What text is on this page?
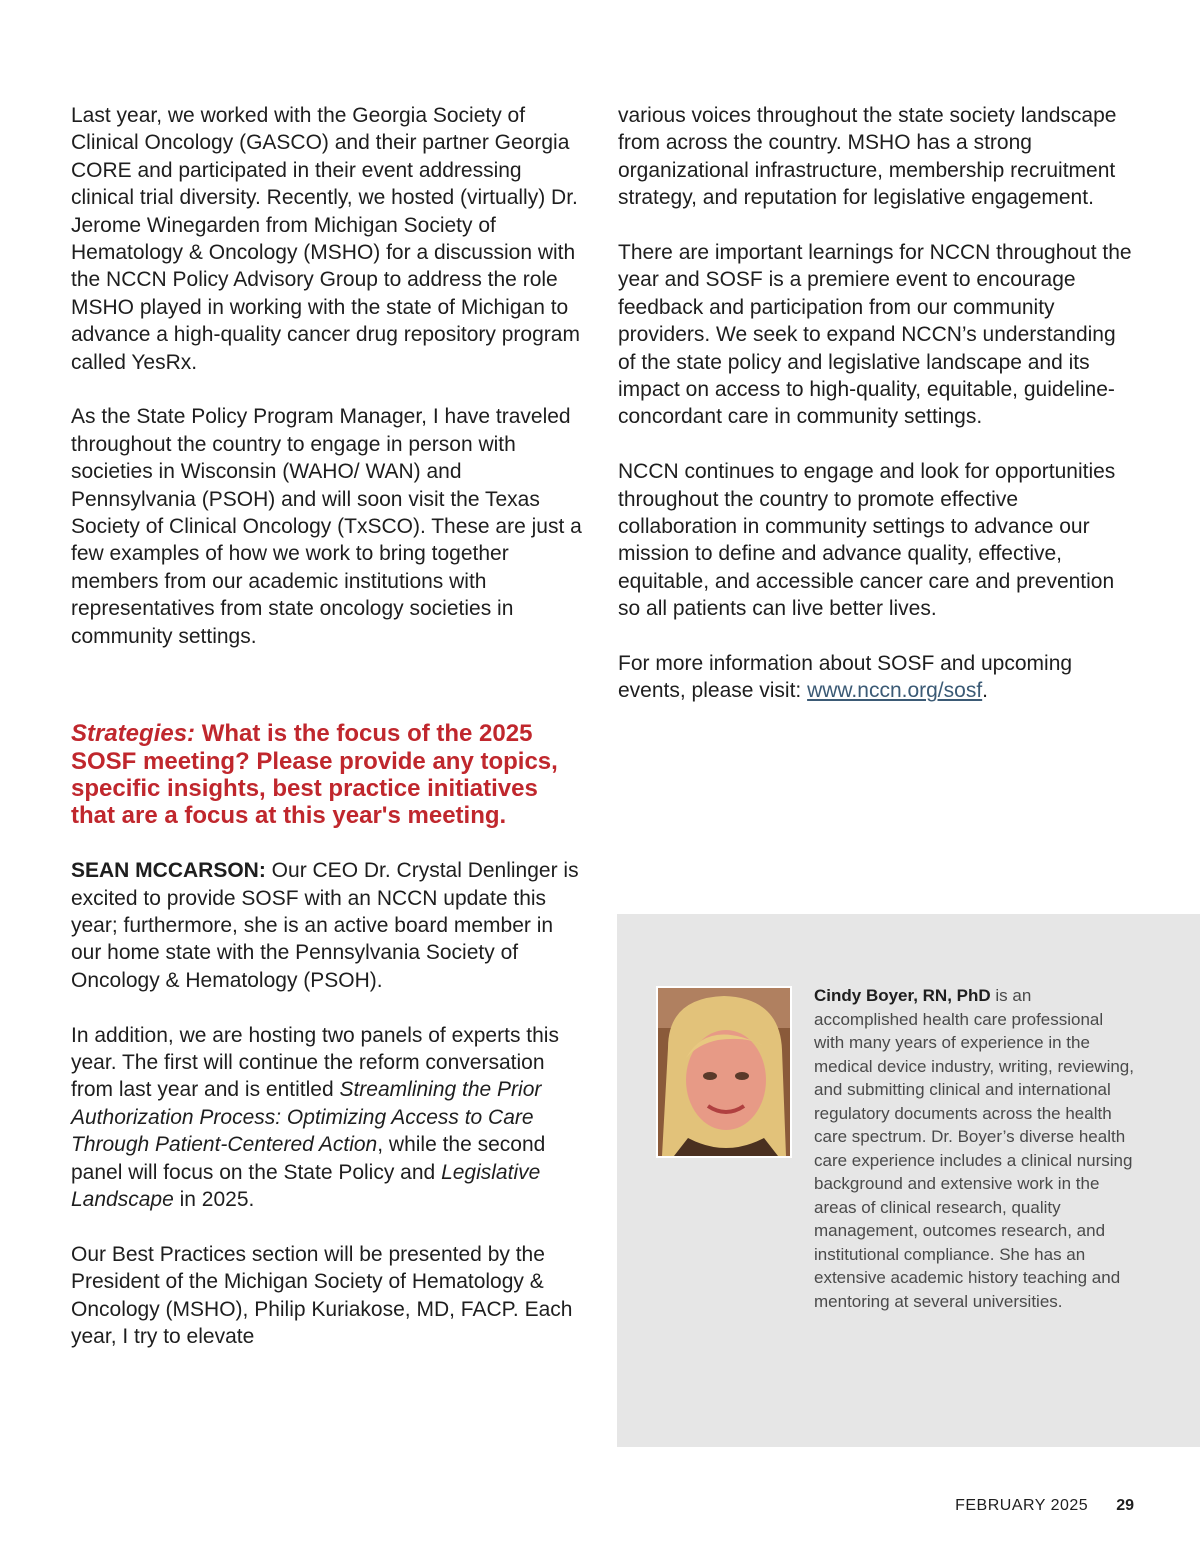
Last year, we worked with the Georgia Society of Clinical Oncology (GASCO) and their partner Georgia CORE and participated in their event addressing clinical trial diversity. Recently, we hosted (virtually) Dr. Jerome Winegarden from Michigan Society of Hematology & Oncology (MSHO) for a discussion with the NCCN Policy Advisory Group to address the role MSHO played in working with the state of Michigan to advance a high-quality cancer drug repository program called YesRx.

As the State Policy Program Manager, I have traveled throughout the country to engage in person with societies in Wisconsin (WAHO/ WAN) and Pennsylvania (PSOH) and will soon visit the Texas Society of Clinical Oncology (TxSCO). These are just a few examples of how we work to bring together members from our academic institutions with representatives from state oncology societies in community settings.

Strategies: What is the focus of the 2025 SOSF meeting? Please provide any topics, specific insights, best practice initiatives that are a focus at this year's meeting.

SEAN MCCARSON: Our CEO Dr. Crystal Denlinger is excited to provide SOSF with an NCCN update this year; furthermore, she is an active board member in our home state with the Pennsylvania Society of Oncology & Hematology (PSOH).

In addition, we are hosting two panels of experts this year. The first will continue the reform conversation from last year and is entitled Streamlining the Prior Authorization Process: Optimizing Access to Care Through Patient-Centered Action, while the second panel will focus on the State Policy and Legislative Landscape in 2025.

Our Best Practices section will be presented by the President of the Michigan Society of Hematology & Oncology (MSHO), Philip Kuriakose, MD, FACP. Each year, I try to elevate

various voices throughout the state society landscape from across the country. MSHO has a strong organizational infrastructure, membership recruitment strategy, and reputation for legislative engagement.

There are important learnings for NCCN throughout the year and SOSF is a premiere event to encourage feedback and participation from our community providers. We seek to expand NCCN’s understanding of the state policy and legislative landscape and its impact on access to high-quality, equitable, guideline-concordant care in community settings.

NCCN continues to engage and look for opportunities throughout the country to promote effective collaboration in community settings to advance our mission to define and advance quality, effective, equitable, and accessible cancer care and prevention so all patients can live better lives.

For more information about SOSF and upcoming events, please visit: www.nccn.org/sosf.

Cindy Boyer, RN, PhD is an accomplished health care professional with many years of experience in the medical device industry, writing, reviewing, and submitting clinical and international regulatory documents across the health care spectrum. Dr. Boyer’s diverse health care experience includes a clinical nursing background and extensive work in the areas of clinical research, quality management, outcomes research, and institutional compliance. She has an extensive academic history teaching and mentoring at several universities.
FEBRUARY 2025 29
